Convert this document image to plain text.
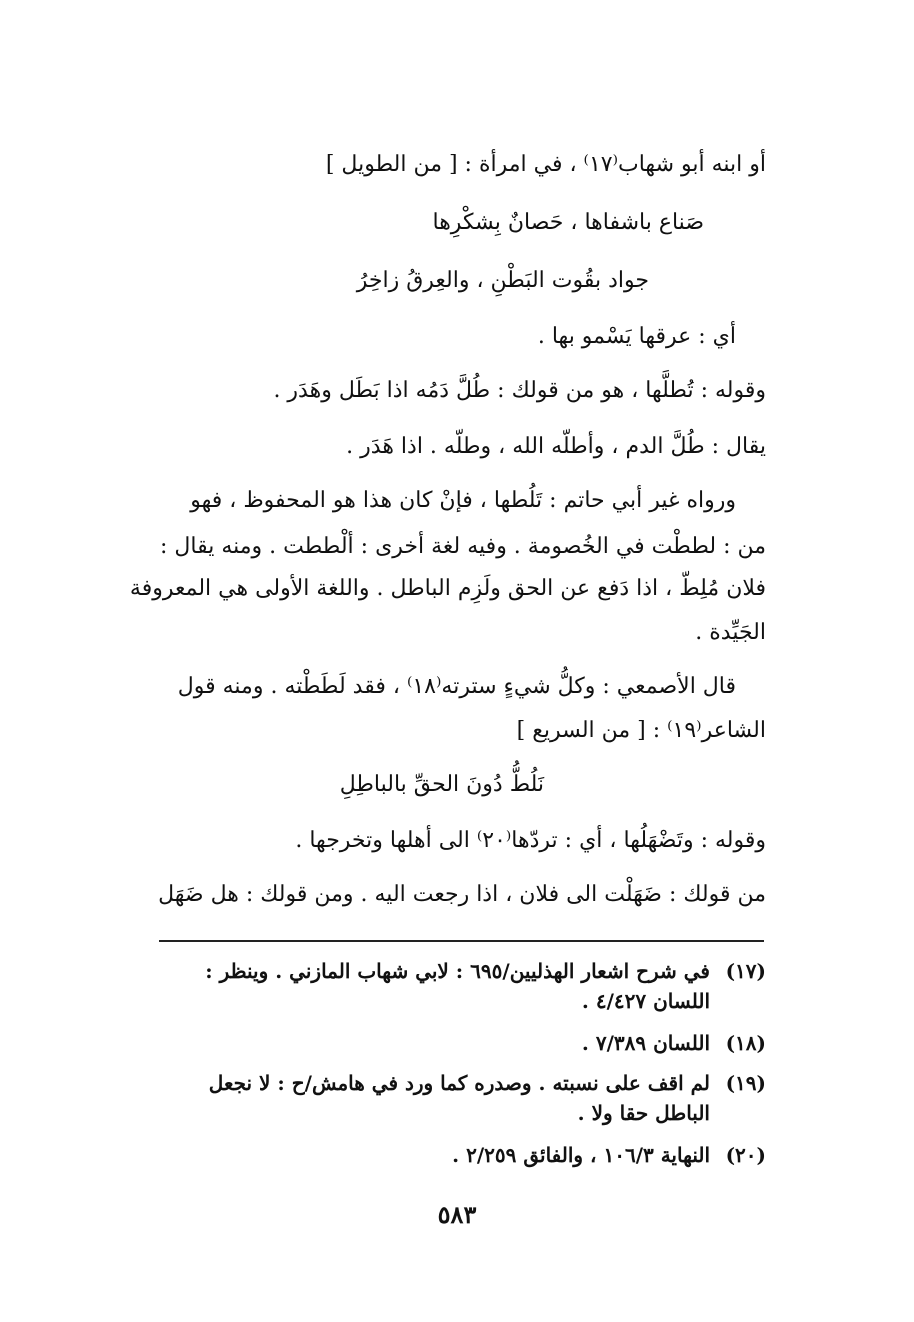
أو ابنه أبو شهاب⁽١٧⁾ ، في امرأة : [ من الطويل ]
صَناع باشفاها ، حَصانٌ بِشكْرِها
جواد بقُوت البَطْنِ ، والعِرقُ زاخِرُ
أي : عرقها يَسْمو بها .
وقوله : تُطلَّها ، هو من قولك : طُلَّ دَمُه اذا بَطَل وهَدَر .
يقال : طُلَّ الدم ، وأطلّه الله ، وطلّه . اذا هَدَر .
ورواه غير أبي حاتم : تَلُطها ، فإنْ كان هذا هو المحفوظ ، فهو
من : لططْت في الخُصومة . وفيه لغة أخرى : ألْططت . ومنه يقال :
فلان مُلِطّ ، اذا دَفع عن الحق ولَزِم الباطل . واللغة الأولى هي المعروفة
الجَيِّدة .
قال الأصمعي : وكلُّ شيءٍ سترته⁽١٨⁾ ، فقد لَطَطْته . ومنه قول
الشاعر⁽١٩⁾ : [ من السريع ]
نَلُطُّ دُونَ الحقِّ بالباطِلِ
وقوله : وتَضْهَلُها ، أي : تردّها⁽٢٠⁾ الى أهلها وتخرجها .
من قولك : ضَهَلْت الى فلان ، اذا رجعت اليه . ومن قولك : هل ضَهَل
(١٧)
في شرح اشعار الهذليين/٦٩٥ : لابي شهاب المازني . وينظر :
اللسان ٤/٤٢٧ .
(١٨)
اللسان ٧/٣٨٩ .
(١٩)
لم اقف على نسبته . وصدره كما ورد في هامش/ح : لا نجعل
الباطل حقا ولا .
(٢٠)
النهاية ١٠٦/٣ ، والفائق ٢/٢٥٩ .
٥٨٣
